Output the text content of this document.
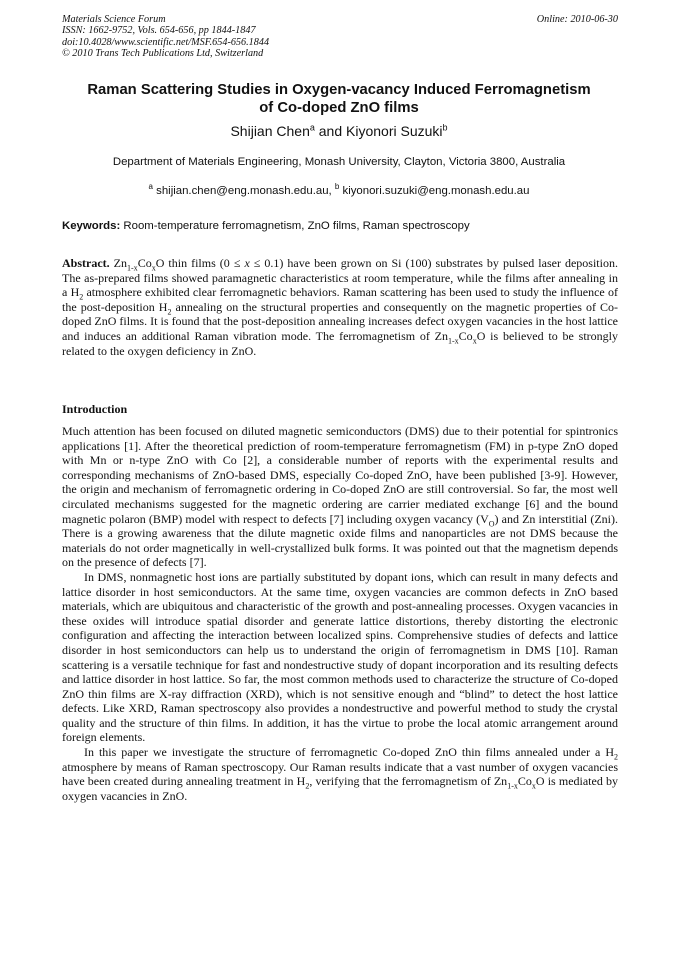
Materials Science Forum
ISSN: 1662-9752, Vols. 654-656, pp 1844-1847
doi:10.4028/www.scientific.net/MSF.654-656.1844
© 2010 Trans Tech Publications Ltd, Switzerland
Online: 2010-06-30
Raman Scattering Studies in Oxygen-vacancy Induced Ferromagnetism
of Co-doped ZnO films
Shijian Chen$^a$ and Kiyonori Suzuki$^b$
Department of Materials Engineering, Monash University, Clayton, Victoria 3800, Australia
$^a$ shijian.chen@eng.monash.edu.au, $^b$ kiyonori.suzuki@eng.monash.edu.au
Keywords: Room-temperature ferromagnetism, ZnO films, Raman spectroscopy
Abstract. $Zn_{1-x}Co_xO$ thin films (0 ≤ x ≤ 0.1) have been grown on Si (100) substrates by pulsed laser deposition. The as-prepared films showed paramagnetic characteristics at room temperature, while the films after annealing in a $H_2$ atmosphere exhibited clear ferromagnetic behaviors. Raman scattering has been used to study the influence of the post-deposition $H_2$ annealing on the structural properties and consequently on the magnetic properties of Co-doped ZnO films. It is found that the post-deposition annealing increases defect oxygen vacancies in the host lattice and induces an additional Raman vibration mode. The ferromagnetism of $Zn_{1-x}Co_xO$ is believed to be strongly related to the oxygen deficiency in ZnO.
Introduction

Much attention has been focused on diluted magnetic semiconductors (DMS) due to their potential for spintronics applications [1]. After the theoretical prediction of room-temperature ferromagnetism (FM) in p-type ZnO doped with Mn or n-type ZnO with Co [2], a considerable number of reports with the experimental results and corresponding mechanisms of ZnO-based DMS, especially Co-doped ZnO, have been published [3-9]. However, the origin and mechanism of ferromagnetic ordering in Co-doped ZnO are still controversial. So far, the most well circulated mechanisms suggested for the magnetic ordering are carrier mediated exchange [6] and the bound magnetic polaron (BMP) model with respect to defects [7] including oxygen vacancy $(V_O)$ and Zn interstitial (Zni). There is a growing awareness that the dilute magnetic oxide films and nanoparticles are not DMS because the materials do not order magnetically in well-crystallized bulk forms. It was pointed out that the magnetism depends on the presence of defects [7].

In DMS, nonmagnetic host ions are partially substituted by dopant ions, which can result in many defects and lattice disorder in host semiconductors. At the same time, oxygen vacancies are common defects in ZnO based materials, which are ubiquitous and characteristic of the growth and post-annealing processes. Oxygen vacancies in these oxides will introduce spatial disorder and generate lattice distortions, thereby distorting the electronic configuration and affecting the interaction between localized spins. Comprehensive studies of defects and lattice disorder in host semiconductors can help us to understand the origin of ferromagnetism in DMS [10]. Raman scattering is a versatile technique for fast and nondestructive study of dopant incorporation and its resulting defects and lattice disorder in host lattice. So far, the most common methods used to characterize the structure of Co-doped ZnO thin films are X-ray diffraction (XRD), which is not sensitive enough and “blind” to detect the host lattice defects. Like XRD, Raman spectroscopy also provides a nondestructive and powerful method to study the crystal quality and the structure of thin films. In addition, it has the virtue to probe the local atomic arrangement around foreign elements.

In this paper we investigate the structure of ferromagnetic Co-doped ZnO thin films annealed under a $H_2$ atmosphere by means of Raman spectroscopy. Our Raman results indicate that a vast number of oxygen vacancies have been created during annealing treatment in $H_2$, verifying that the ferromagnetism of $Zn_{1-x}Co_xO$ is mediated by oxygen vacancies in ZnO.
